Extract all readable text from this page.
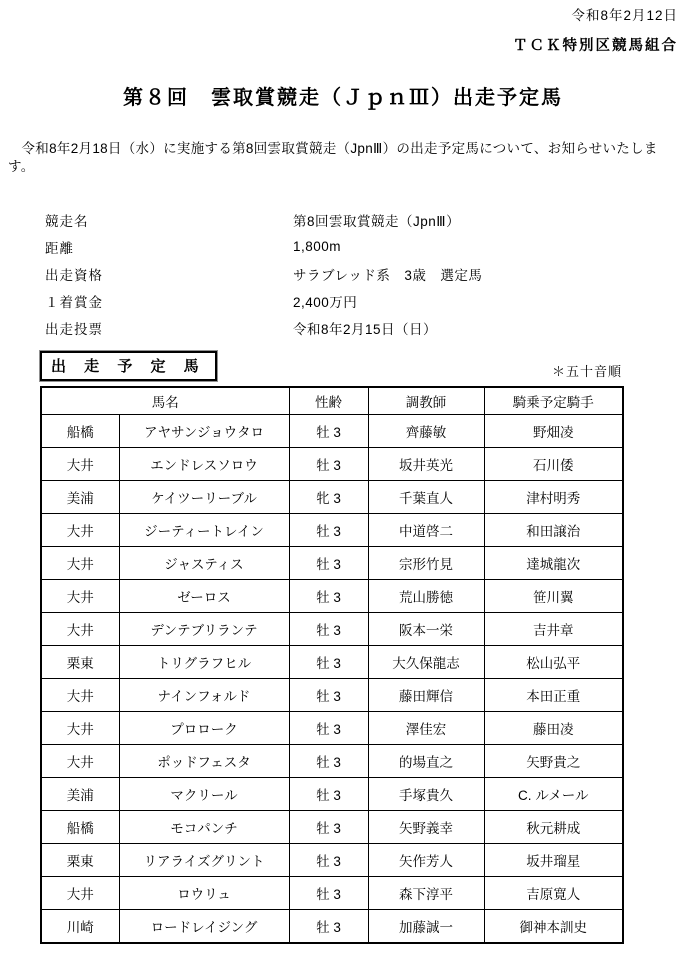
令和8年2月12日
ＴＣＫ特別区競馬組合
第８回　雲取賞競走（ＪｐｎⅢ）出走予定馬
令和8年2月18日（水）に実施する第8回雲取賞競走（JpnⅢ）の出走予定馬について、お知らせいたします。
競走名	第8回雲取賞競走（JpnⅢ）
距離	1,800m
出走資格	サラブレッド系　3歳　選定馬
１着賞金	2,400万円
出走投票	令和8年2月15日（日）
出 走 予 定 馬	＊五十音順
馬名		性齢	調教師	騎乗予定騎手
船橋	アヤサンジョウタロ	牡 3	齊藤敏	野畑凌
大井	エンドレスソロウ	牡 3	坂井英光	石川倭
美浦	ケイツーリーブル	牝 3	千葉直人	津村明秀
大井	ジーティートレイン	牡 3	中道啓二	和田譲治
大井	ジャスティス	牡 3	宗形竹見	達城龍次
大井	ゼーロス	牡 3	荒山勝徳	笹川翼
大井	デンテブリランテ	牡 3	阪本一栄	吉井章
栗東	トリグラフヒル	牡 3	大久保龍志	松山弘平
大井	ナインフォルド	牡 3	藤田輝信	本田正重
大井	プロローク	牡 3	澤佳宏	藤田凌
大井	ポッドフェスタ	牡 3	的場直之	矢野貴之
美浦	マクリール	牡 3	手塚貴久	C. ルメール
船橋	モコパンチ	牡 3	矢野義幸	秋元耕成
栗東	リアライズグリント	牡 3	矢作芳人	坂井瑠星
大井	ロウリュ	牡 3	森下淳平	吉原寛人
川崎	ロードレイジング	牡 3	加藤誠一	御神本訓史
